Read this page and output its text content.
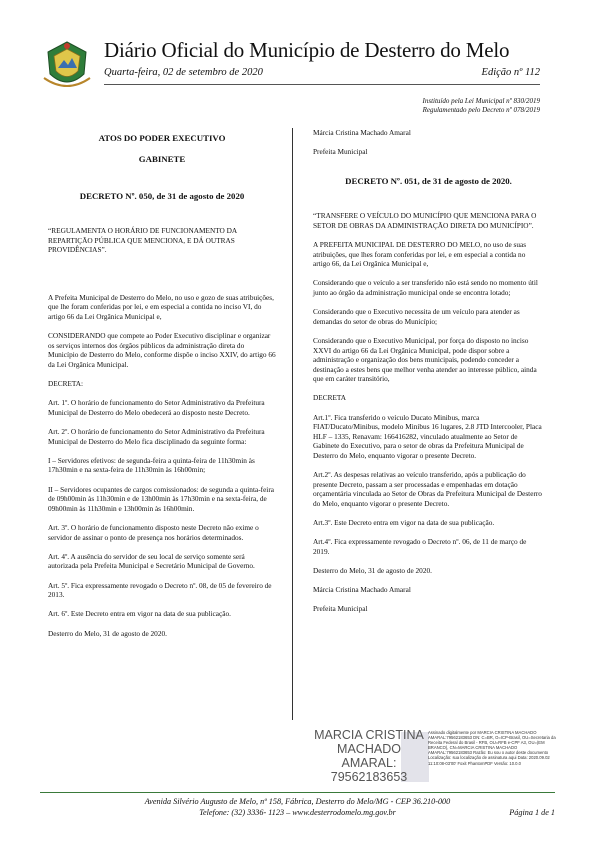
Diário Oficial do Município de Desterro do Melo
Quarta-feira, 02 de setembro de 2020	Edição nº 112
Instituído pela Lei Municipal nº 830/2019
Regulamentado pelo Decreto nº 078/2019
ATOS DO PODER EXECUTIVO
GABINETE
DECRETO Nº. 050, de 31 de agosto de 2020

“REGULAMENTA O HORÁRIO DE FUNCIONAMENTO DA REPARTIÇÃO PÚBLICA QUE MENCIONA, E DÁ OUTRAS PROVIDÊNCIAS”.

A Prefeita Municipal de Desterro do Melo, no uso e gozo de suas atribuições, que lhe foram conferidas por lei, e em especial a contida no inciso VI, do artigo 66 da Lei Orgânica Municipal e,

CONSIDERANDO que compete ao Poder Executivo disciplinar e organizar os serviços internos dos órgãos públicos da administração direta do Município de Desterro do Melo, conforme dispõe o inciso XXIV, do artigo 66 da Lei Orgânica Municipal.

DECRETA:

Art. 1º. O horário de funcionamento do Setor Administrativo da Prefeitura Municipal de Desterro do Melo obedecerá ao disposto neste Decreto.

Art. 2º. O horário de funcionamento do Setor Administrativo da Prefeitura Municipal de Desterro do Melo fica disciplinado da seguinte forma:

I – Servidores efetivos: de segunda-feira a quinta-feira de 11h30min às 17h30min e na sexta-feira de 11h30min às 16h00min;

II – Servidores ocupantes de cargos comissionados: de segunda a quinta-feira de 09h00min às 11h30min e de 13h00min às 17h30min e na sexta-feira, de 09h00min às 11h30min e 13h00min às 16h00min.

Art. 3º. O horário de funcionamento disposto neste Decreto não exime o servidor de assinar o ponto de presença nos horários determinados.

Art. 4º. A ausência do servidor de seu local de serviço somente será autorizada pela Prefeita Municipal e Secretário Municipal de Governo.

Art. 5º. Fica expressamente revogado o Decreto nº. 08, de 05 de fevereiro de 2013.

Art. 6º. Este Decreto entra em vigor na data de sua publicação.

Desterro do Melo, 31 de agosto de 2020.

Márcia Cristina Machado Amaral

Prefeita Municipal

DECRETO Nº. 051, de 31 de agosto de 2020.

“TRANSFERE O VEÍCULO DO MUNICÍPIO QUE MENCIONA PARA O SETOR DE OBRAS DA ADMINISTRAÇÃO DIRETA DO MUNICÍPIO”.

A PREFEITA MUNICIPAL DE DESTERRO DO MELO, no uso de suas atribuições, que lhes foram conferidas por lei, e em especial a contida no artigo 66, da Lei Orgânica Municipal e,

Considerando que o veículo a ser transferido não está sendo no momento útil junto ao órgão da administração municipal onde se encontra lotado;

Considerando que o Executivo necessita de um veículo para atender as demandas do setor de obras do Município;

Considerando que o Executivo Municipal, por força do disposto no inciso XXVI do artigo 66 da Lei Orgânica Municipal, pode dispor sobre a administração e organização dos bens municipais, podendo conceder a destinação a estes bens que melhor venha atender ao interesse público, ainda que em caráter transitório,

DECRETA

Art.1º. Fica transferido o veículo Ducato Minibus, marca FIAT/Ducato/Minibus, modelo Minibus 16 lugares, 2.8 JTD Intercooler, Placa HLF – 1335, Renavam: 166416282, vinculado atualmente ao Setor de Gabinete do Executivo, para o setor de obras da Prefeitura Municipal de Desterro do Melo, enquanto vigorar o presente Decreto.

Art.2º. As despesas relativas ao veículo transferido, após a publicação do presente Decreto, passam a ser processadas e empenhadas em dotação orçamentária vinculada ao Setor de Obras da Prefeitura Municipal de Desterro do Melo, enquanto vigorar o presente Decreto.

Art.3º. Este Decreto entra em vigor na data de sua publicação.

Art.4º. Fica expressamente revogado o Decreto nº. 06, de 11 de março de 2019.

Desterro do Melo, 31 de agosto de 2020.

Márcia Cristina Machado Amaral

Prefeita Municipal

MARCIA CRISTINA
MACHADO
AMARAL:
79562183653
Assinado digitalmente por MARCIA CRISTINA MACHADO AMARAL:79562183653 DN: C=BR, O=ICP-Brasil, OU=Secretaria da Receita Federal do Brasil - RFB, OU=RFB e-CPF A3, OU=(EM BRANCO), CN=MARCIA CRISTINA MACHADO AMARAL:79562183653 Razão: Eu sou o autor deste documento Localização: sua localização de assinatura aqui Data: 2020.09.02 11:10:08-03'00' Foxit PhantomPDF Versão: 10.0.0
Avenida Silvério Augusto de Melo, nº 158, Fábrica, Desterro do Melo/MG - CEP 36.210-000
Telefone: (32) 3336- 1123 – www.desterrodomelo.mg.gov.br	Página 1 de 1
